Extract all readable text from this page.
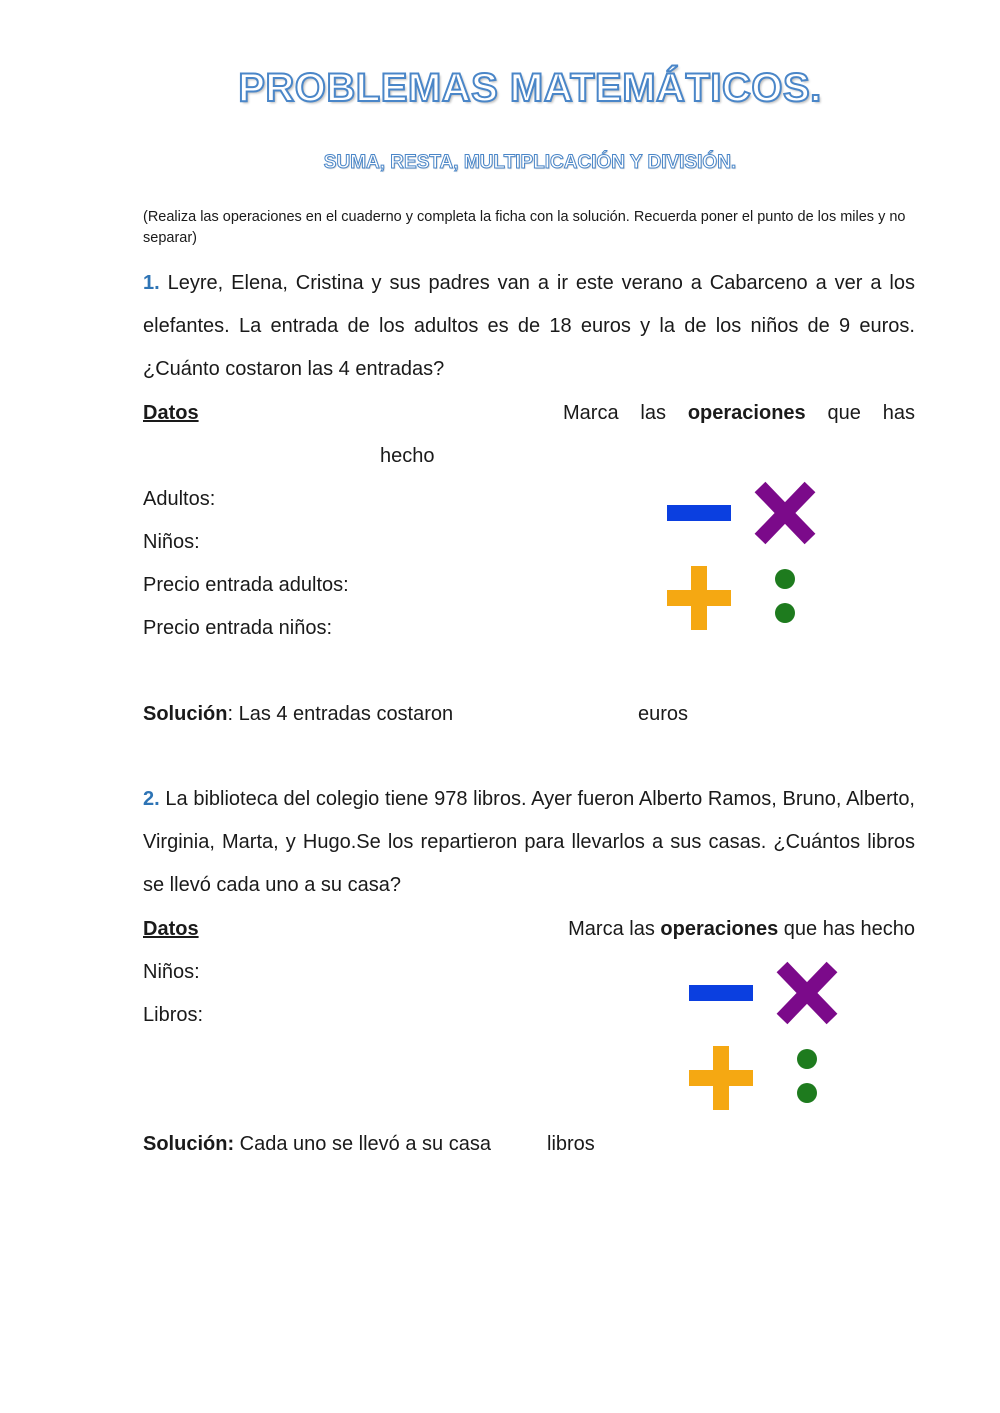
PROBLEMAS MATEMÁTICOS.
SUMA, RESTA, MULTIPLICACIÓN Y DIVISIÓN.
(Realiza las operaciones en el cuaderno y completa la ficha con la solución. Recuerda poner el punto de los miles y no separar)
1. Leyre, Elena, Cristina y sus padres van a ir este verano a Cabarceno a ver a los elefantes. La entrada de los adultos es de 18 euros y la de los niños de 9 euros. ¿Cuánto costaron las 4 entradas?
Datos	Marca las operaciones que has
hecho
Adultos:
Niños:
Precio entrada adultos:
Precio entrada niños:
Solución: Las 4 entradas costaron	euros
2. La biblioteca del colegio tiene 978 libros. Ayer fueron Alberto Ramos, Bruno, Alberto, Virginia, Marta, y Hugo.Se los repartieron para llevarlos a sus casas. ¿Cuántos libros se llevó cada uno a su casa?
Datos	Marca las operaciones que has hecho
Niños:
Libros:
Solución: Cada uno se llevó a su casa	libros
